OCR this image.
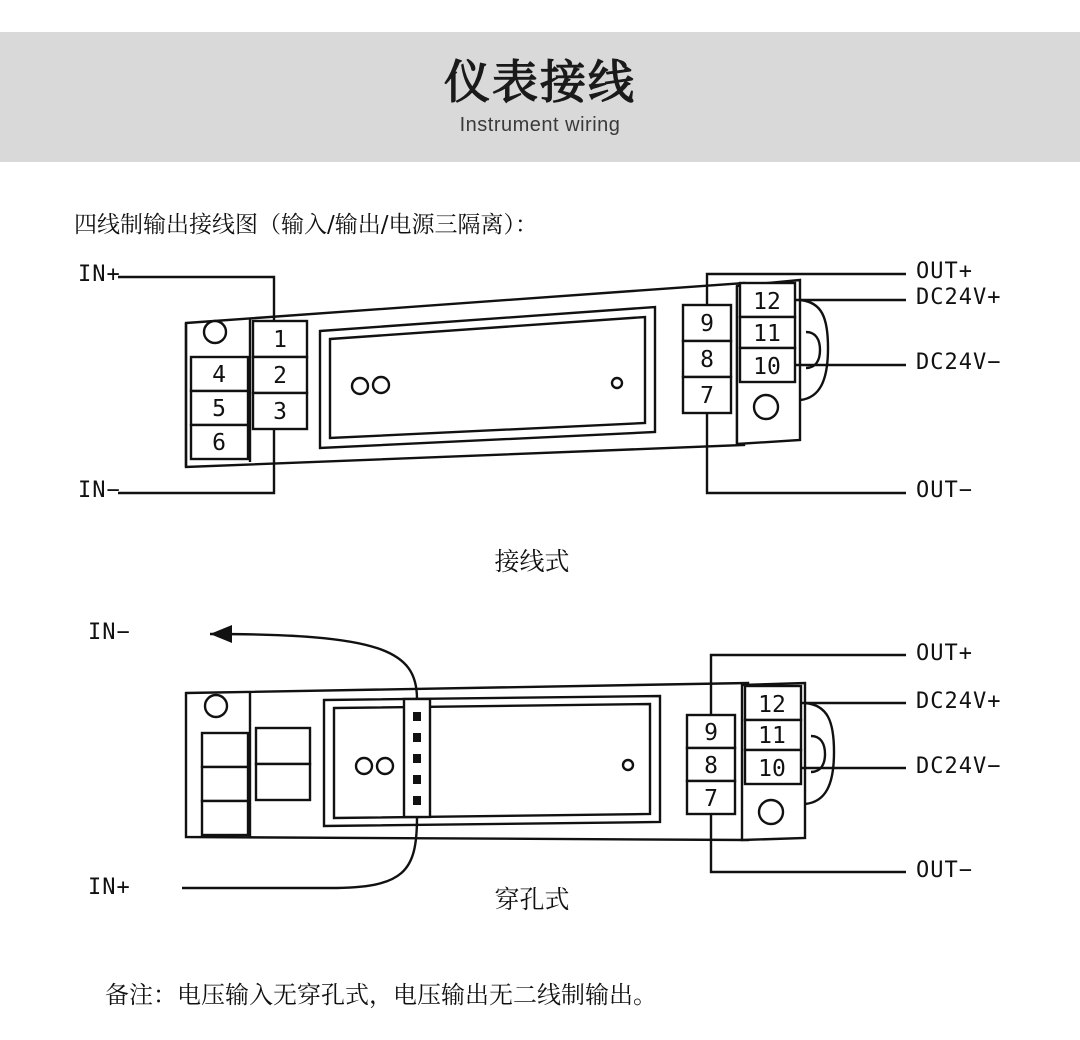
仪表接线
Instrument wiring
四线制输出接线图（输入/输出/电源三隔离）：
4
5
6
1
2
3
9
8
7
12
11
10
IN+
IN−
OUT+
OUT−
DC24V+
DC24V−
接线式
9
8
7
12
11
10
IN−
IN+
OUT+
OUT−
DC24V+
DC24V−
穿孔式
备注：电压输入无穿孔式，电压输出无二线制输出。
